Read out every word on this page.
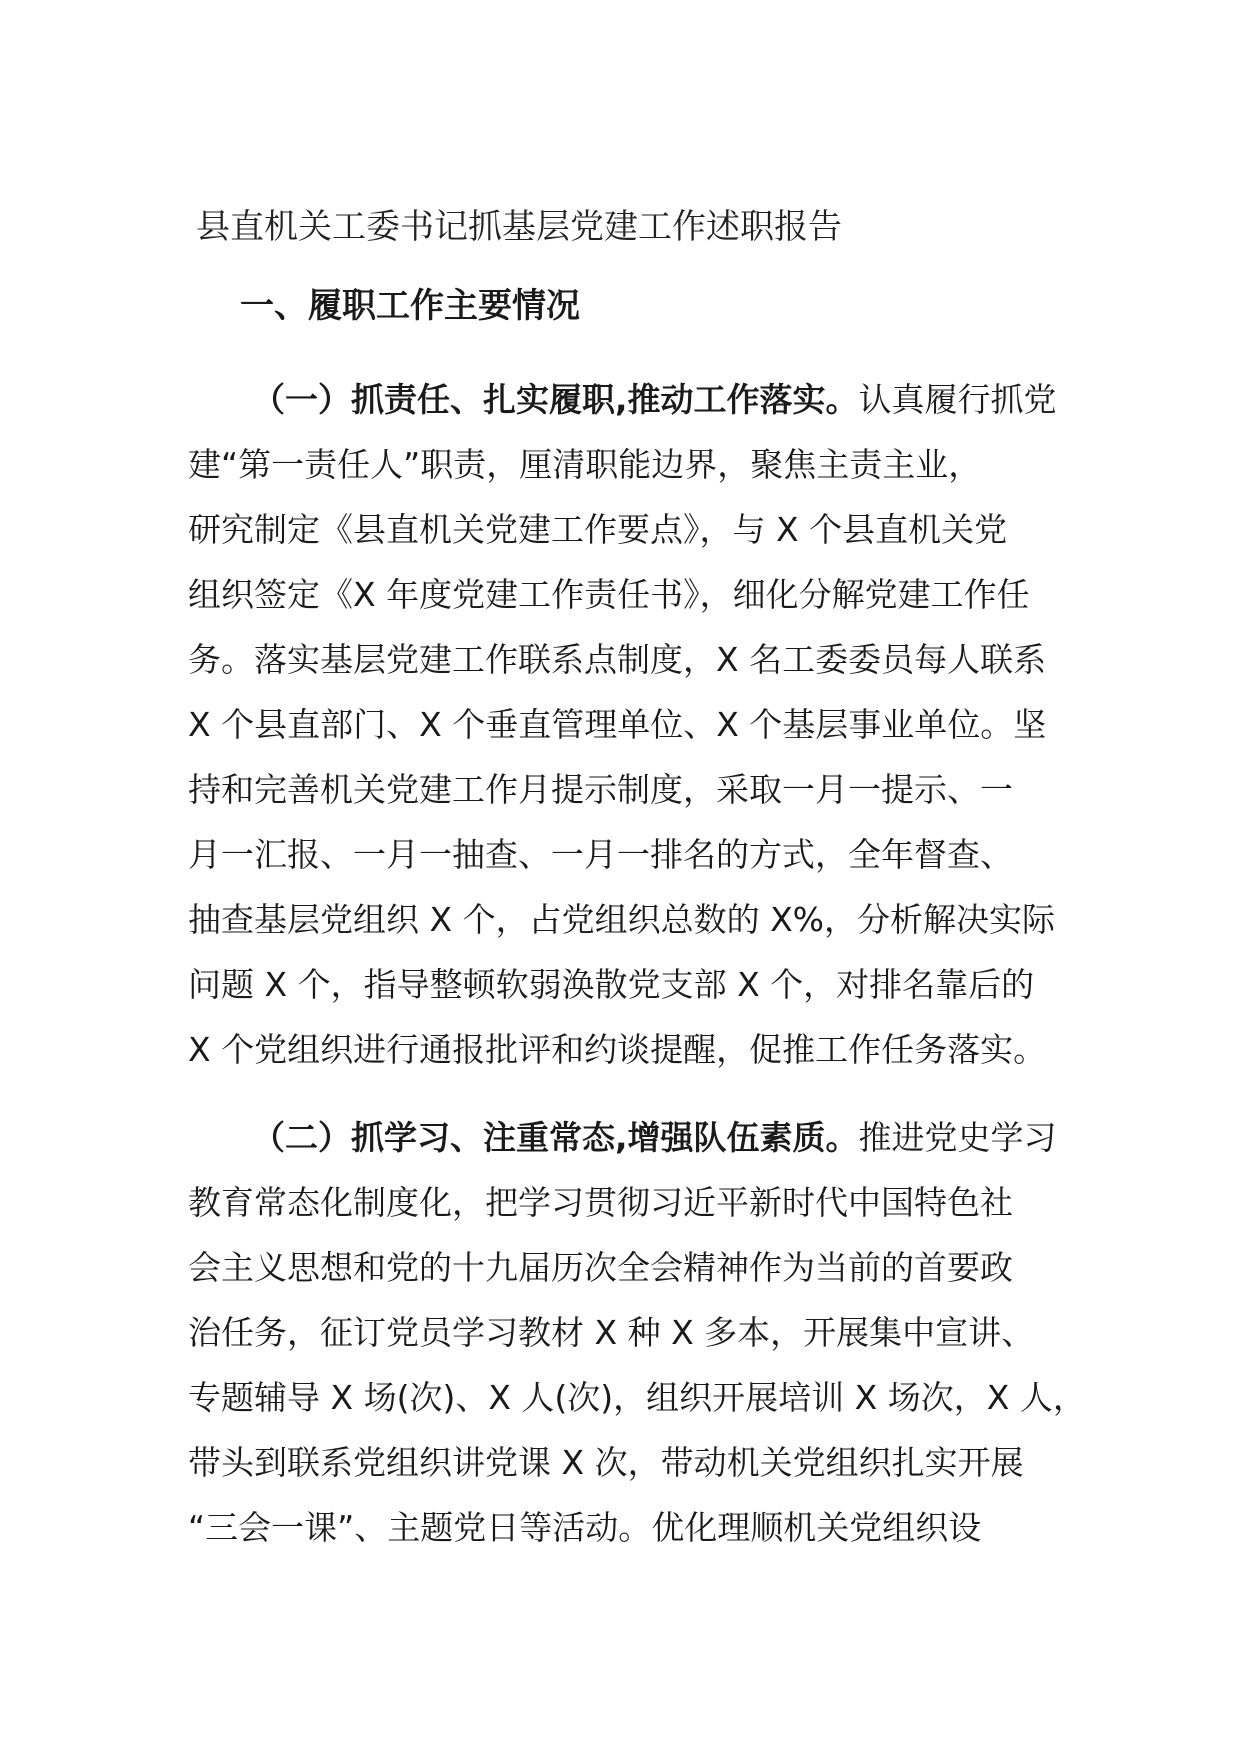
县直机关工委书记抓基层党建工作述职报告
一、履职工作主要情况
（一）抓责任、扎实履职,推动工作落实。认真履行抓党
建“第一责任人”职责，厘清职能边界，聚焦主责主业，
研究制定《县直机关党建工作要点》，与 X 个县直机关党
组织签定《X 年度党建工作责任书》，细化分解党建工作任
务。落实基层党建工作联系点制度，X 名工委委员每人联系
X 个县直部门、X 个垂直管理单位、X 个基层事业单位。坚
持和完善机关党建工作月提示制度，采取一月一提示、一
月一汇报、一月一抽查、一月一排名的方式，全年督查、
抽查基层党组织 X 个，占党组织总数的 X%，分析解决实际
问题 X 个，指导整顿软弱涣散党支部 X 个，对排名靠后的
X 个党组织进行通报批评和约谈提醒，促推工作任务落实。
（二）抓学习、注重常态,增强队伍素质。推进党史学习
教育常态化制度化，把学习贯彻习近平新时代中国特色社
会主义思想和党的十九届历次全会精神作为当前的首要政
治任务，征订党员学习教材 X 种 X 多本，开展集中宣讲、
专题辅导 X 场(次)、X 人(次)，组织开展培训 X 场次，X 人，
带头到联系党组织讲党课 X 次，带动机关党组织扎实开展
“三会一课”、主题党日等活动。优化理顺机关党组织设
